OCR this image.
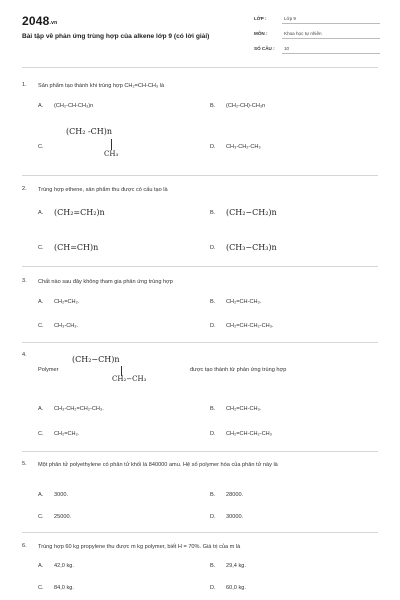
$2048^{.vn}$
Bài tập về phản ứng trùng hợp của alkene lớp 9 (có lời giải)
LỚP :	Lớp 9
MÔN :	Khoa học tự nhiên
SỐ CÂU : 10
1. Sản phẩm tạo thành khi trùng hợp CH₂=CH-CH₃ là
A. (CH₂-CH-CH₃)n	B. (CH₂-CH)-CH₃n
C.
(CH₂ -CH)n
CH₃
D. CH₃-CH₂-CH₃
2. Trùng hợp ethene, sản phẩm thu được có cấu tạo là
A. (CH₂=CH₂)n	B. (CH₂−CH₂)n
C. (CH=CH)n	D. (CH₃−CH₃)n
3. Chất nào sau đây không tham gia phản ứng trùng hợp
A. CH₂=CH₂.	B. CH₂=CH-CH₃.
C. CH₃-CH₃.	D. CH₂=CH-CH₂-CH₃.
4.
Polymer
(CH₂−CH)n
CH₂−CH₃
được tạo thành từ phản ứng trùng hợp
A. CH₃-CH₂=CH₂-CH₃.	B. CH₂=CH-CH₃.
C. CH₂=CH₂.	D. CH₂=CH-CH₂-CH₃
5. Một phân tử polyethylene có phân tử khối là 840000 amu. Hệ số polymer hóa của phân tử này là
A. 3000.	B. 28000.
C. 25000.	D. 30000.
6. Trùng hợp 60 kg propylene thu được m kg polymer, biết H = 70%. Giá trị của m là
A. 42,0 kg.	B. 29,4 kg.
C. 84,0 kg.	D. 60,0 kg.
